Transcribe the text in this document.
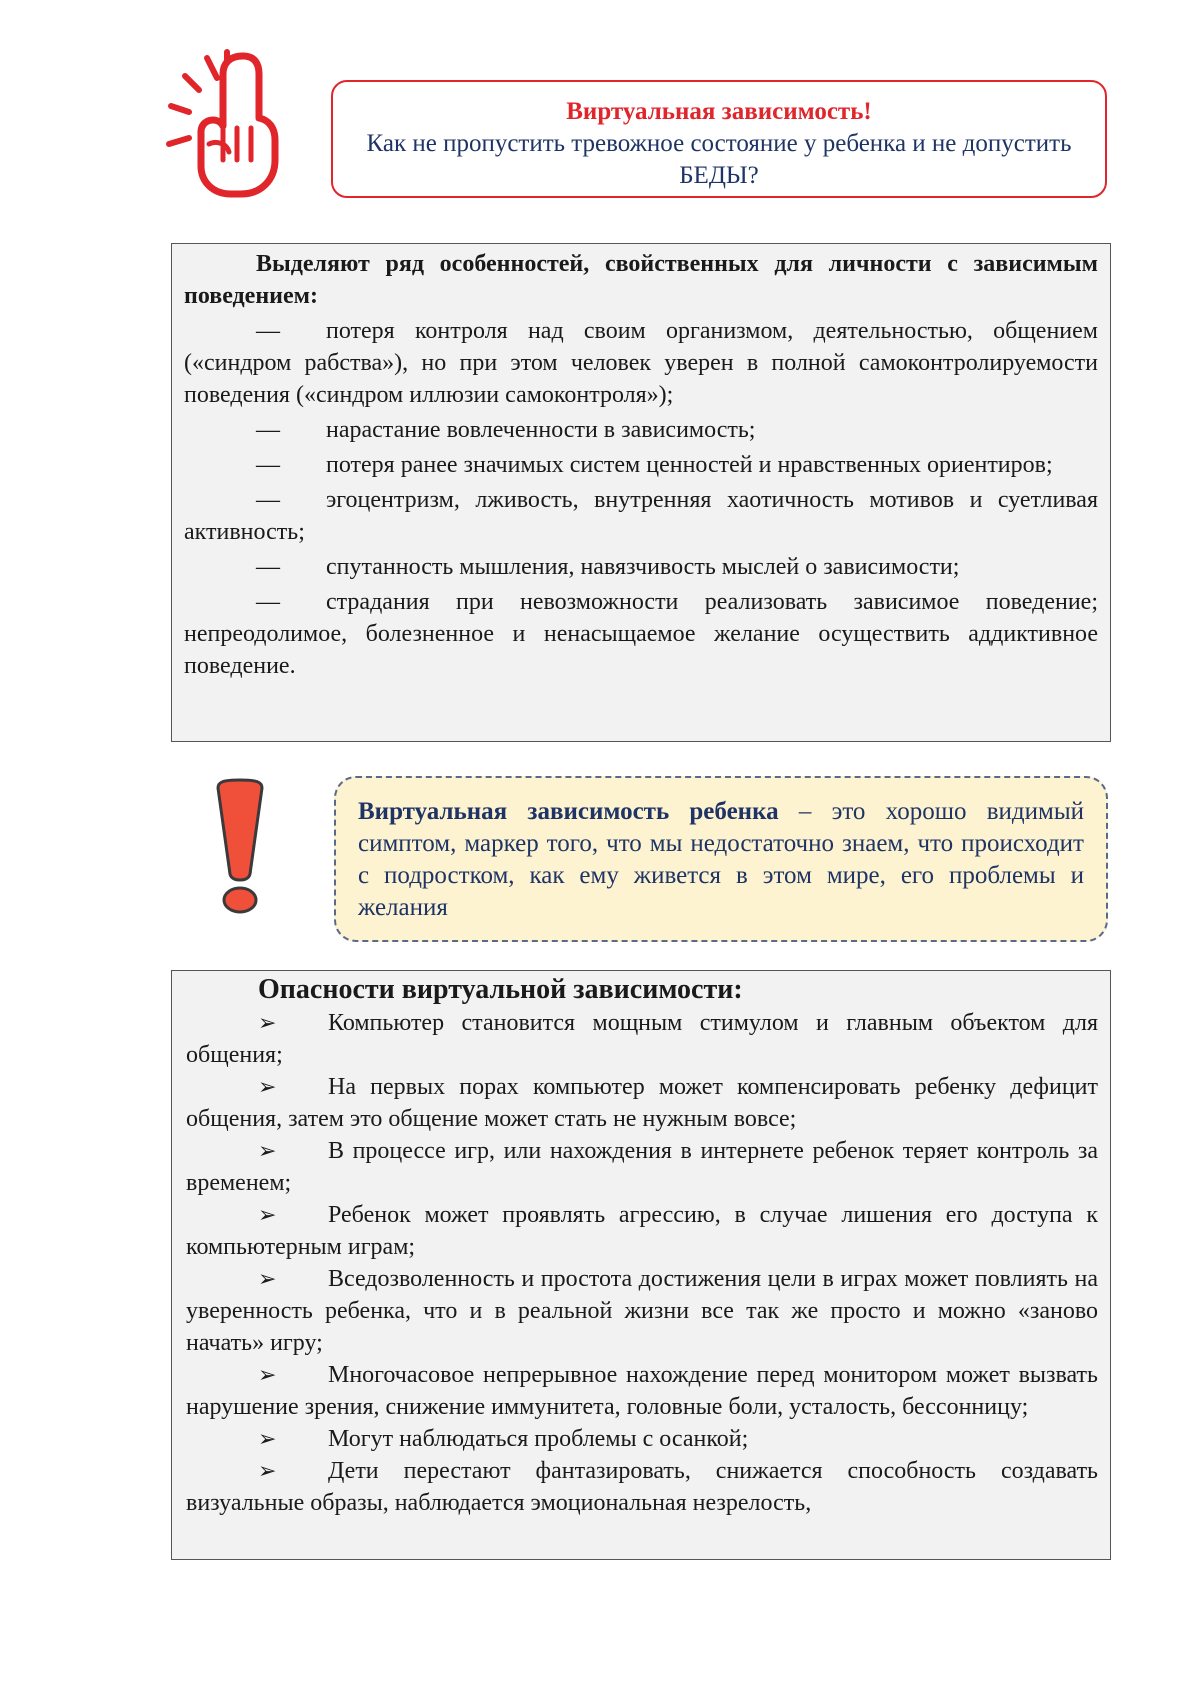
Виртуальная зависимость!
Как не пропустить тревожное состояние у ребенка и не допустить БЕДЫ?

Выделяют ряд особенностей, свойственных для личности с зависимым поведением:

— потеря контроля над своим организмом, деятельностью, общением («синдром рабства»), но при этом человек уверен в полной самоконтролируемости поведения («синдром иллюзии самоконтроля»);

— нарастание вовлеченности в зависимость;

— потеря ранее значимых систем ценностей и нравственных ориентиров;

— эгоцентризм, лживость, внутренняя хаотичность мотивов и суетливая активность;

— спутанность мышления, навязчивость мыслей о зависимости;

— страдания при невозможности реализовать зависимое поведение; непреодолимое, болезненное и ненасыщаемое желание осуществить аддиктивное поведение.

Виртуальная зависимость ребенка – это хорошо видимый симптом, маркер того, что мы недостаточно знаем, что происходит с подростком, как ему живется в этом мире, его проблемы и желания

Опасности виртуальной зависимости:

➢ Компьютер становится мощным стимулом и главным объектом для общения;

➢ На первых порах компьютер может компенсировать ребенку дефицит общения, затем это общение может стать не нужным вовсе;

➢ В процессе игр, или нахождения в интернете ребенок теряет контроль за временем;

➢ Ребенок может проявлять агрессию, в случае лишения его доступа к компьютерным играм;

➢ Вседозволенность и простота достижения цели в играх может повлиять на уверенность ребенка, что и в реальной жизни все так же просто и можно «заново начать» игру;

➢ Многочасовое непрерывное нахождение перед монитором может вызвать нарушение зрения, снижение иммунитета, головные боли, усталость, бессонницу;

➢ Могут наблюдаться проблемы с осанкой;

➢ Дети перестают фантазировать, снижается способность создавать визуальные образы, наблюдается эмоциональная незрелость,
